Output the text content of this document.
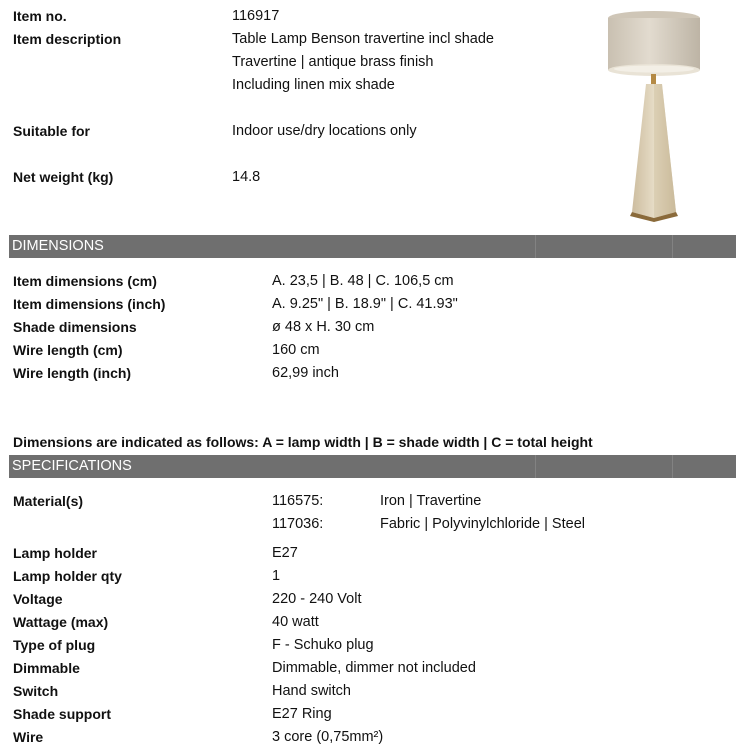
Item no.	116917
Item description	Table Lamp Benson travertine incl shade
Travertine | antique brass finish
Including linen mix shade
Suitable for	Indoor use/dry locations only
Net weight (kg)	14.8
DIMENSIONS
Item dimensions (cm)	A. 23,5 | B. 48 | C. 106,5 cm
Item dimensions (inch)	A. 9.25" | B. 18.9" | C. 41.93"
Shade dimensions	ø 48 x H. 30 cm
Wire length (cm)	160 cm
Wire length (inch)	62,99 inch
Dimensions are indicated as follows: A = lamp width | B = shade width | C = total height
SPECIFICATIONS
Material(s)	116575:	Iron | Travertine
117036:	Fabric | Polyvinylchloride | Steel
Lamp holder	E27
Lamp holder qty	1
Voltage	220 - 240 Volt
Wattage (max)	40 watt
Type of plug	F - Schuko plug
Dimmable	Dimmable, dimmer not included
Switch	Hand switch
Shade support	E27 Ring
Wire	3 core (0,75mm²)
